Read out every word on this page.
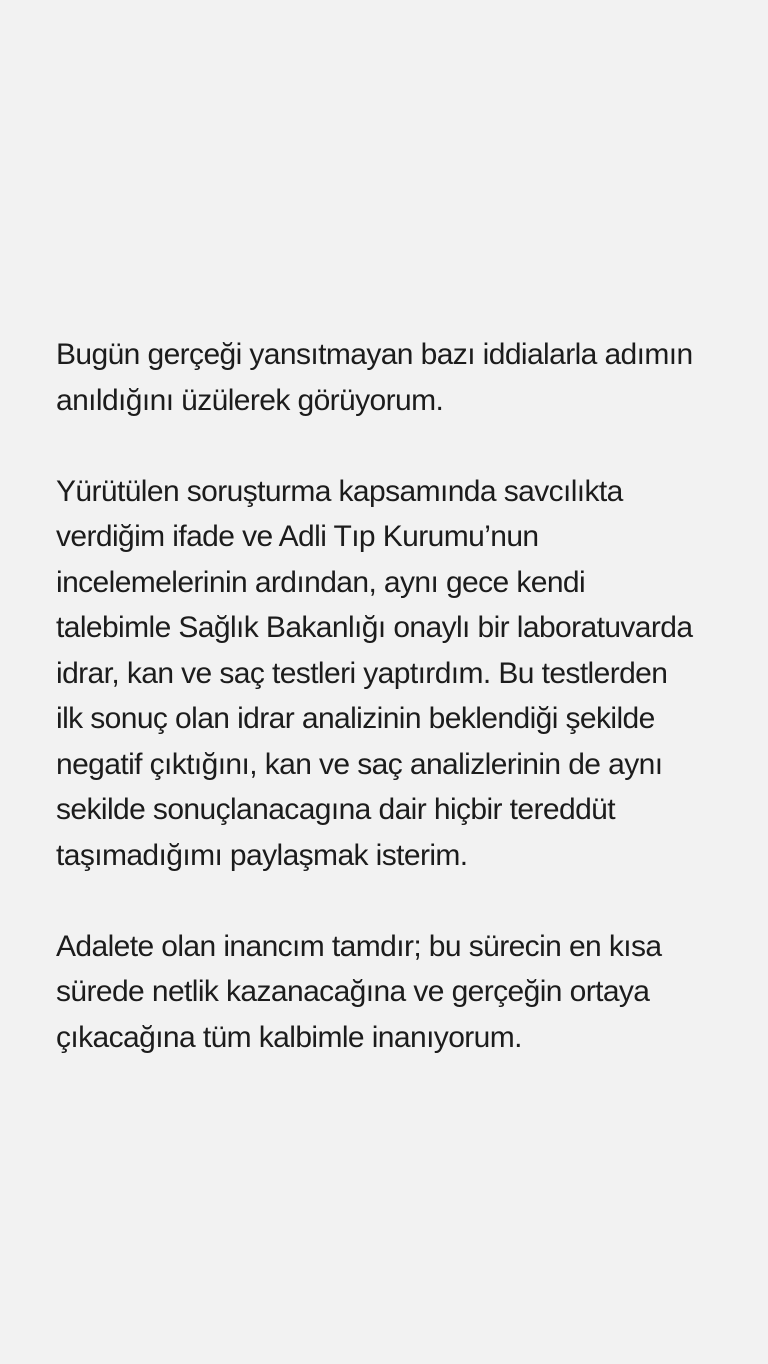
Bugün gerçeği yansıtmayan bazı iddialarla adımın
anıldığını üzülerek görüyorum.

Yürütülen soruşturma kapsamında savcılıkta
verdiğim ifade ve Adli Tıp Kurumu’nun
incelemelerinin ardından, aynı gece kendi
talebimle Sağlık Bakanlığı onaylı bir laboratuvarda
idrar, kan ve saç testleri yaptırdım. Bu testlerden
ilk sonuç olan idrar analizinin beklendiği şekilde
negatif çıktığını, kan ve saç analizlerinin de aynı
sekilde sonuçlanacagına dair hiçbir tereddüt
taşımadığımı paylaşmak isterim.

Adalete olan inancım tamdır; bu sürecin en kısa
sürede netlik kazanacağına ve gerçeğin ortaya
çıkacağına tüm kalbimle inanıyorum.
